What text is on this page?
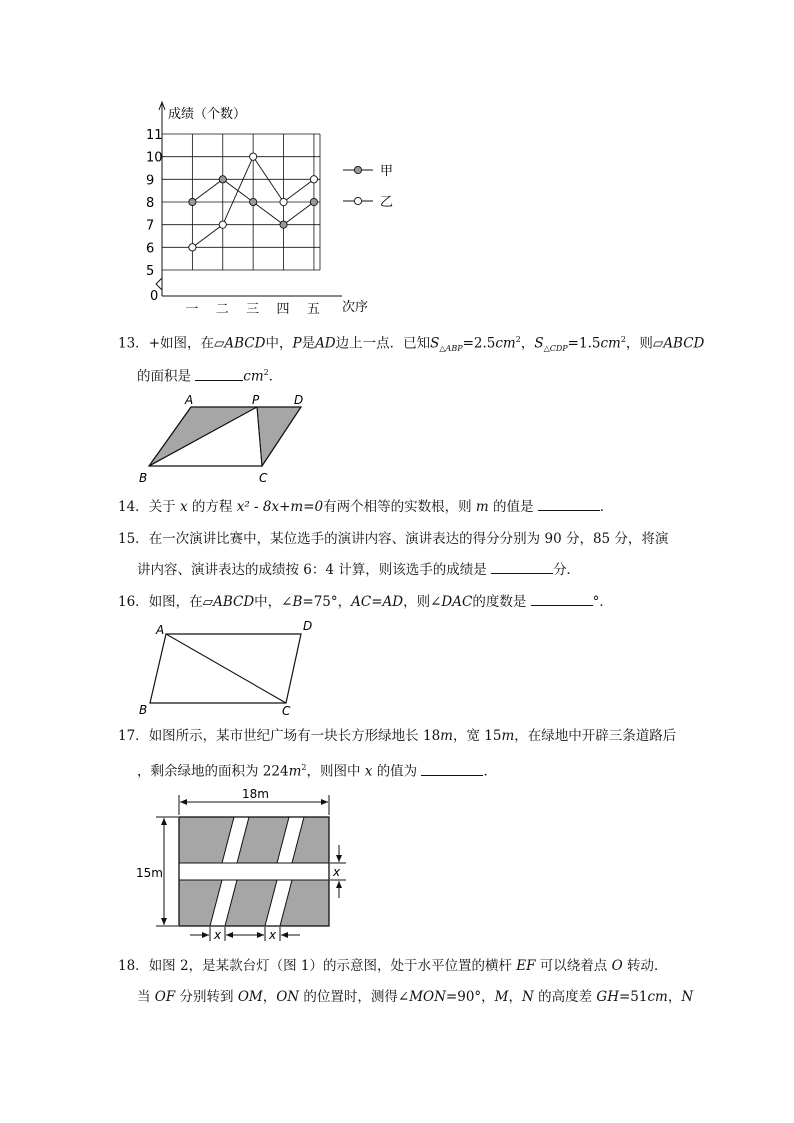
5
6
7
8
9
10
11
0
一 二 三 四 五
甲
乙
成绩（个数）
次序
13．+如图，在▱ABCD中，P是AD边上一点．已知$S_{\triangle ABP}=2.5cm^2$，$S_{\triangle CDP}=1.5cm^2$，则▱ABCD
的面积是	$cm^2$．
A	P	D
B	C
14．关于 x 的方程 x² - 8x+m=0有两个相等的实数根，则 m 的值是	．
15．在一次演讲比赛中，某位选手的演讲内容、演讲表达的得分分别为 90 分，85 分，将演
讲内容、演讲表达的成绩按 6：4 计算，则该选手的成绩是	分．
16．如图，在▱ABCD中，∠B=75°，AC=AD，则∠DAC的度数是	°．
A	D
B	C
17．如图所示，某市世纪广场有一块长方形绿地长 18m，宽 15m，在绿地中开辟三条道路后
，剩余绿地的面积为 $224m^2$，则图中 x 的值为	．
18m
15m	x
x	x
18．如图 2，是某款台灯（图 1）的示意图，处于水平位置的横杆 EF 可以绕着点 O 转动．
当 OF 分别转到 OM，ON 的位置时，测得∠MON=90°，M，N 的高度差 GH=51cm，N
